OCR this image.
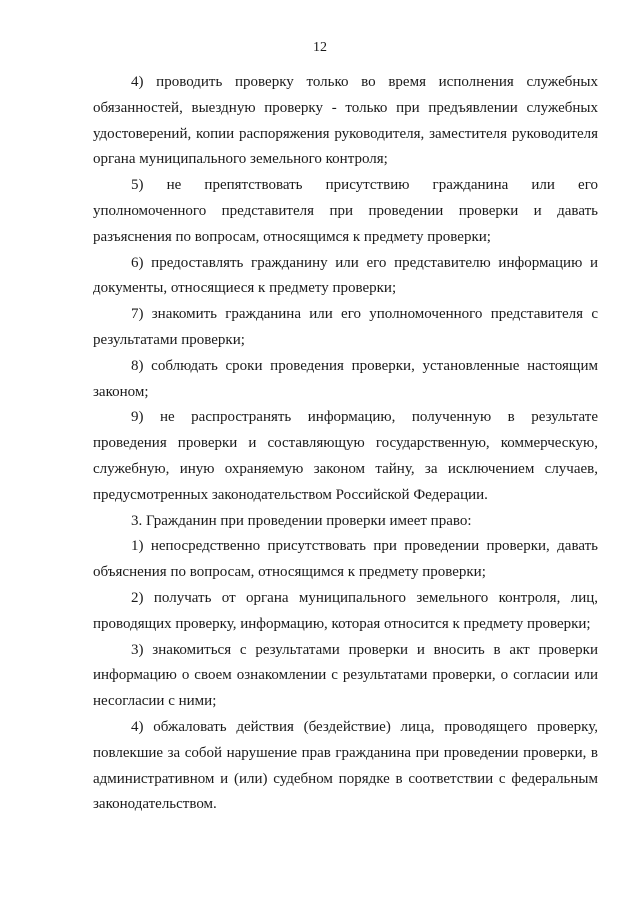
12

4) проводить проверку только во время исполнения служебных обязанностей, выездную проверку - только при предъявлении служебных удостоверений, копии распоряжения руководителя, заместителя руководителя органа муниципального земельного контроля;

5) не препятствовать присутствию гражданина или его уполномоченного представителя при проведении проверки и давать разъяснения по вопросам, относящимся к предмету проверки;

6) предоставлять гражданину или его представителю информацию и документы, относящиеся к предмету проверки;

7) знакомить гражданина или его уполномоченного представителя с результатами проверки;

8) соблюдать сроки проведения проверки, установленные настоящим законом;

9) не распространять информацию, полученную в результате проведения проверки и составляющую государственную, коммерческую, служебную, иную охраняемую законом тайну, за исключением случаев, предусмотренных законодательством Российской Федерации.

3. Гражданин при проведении проверки имеет право:

1) непосредственно присутствовать при проведении проверки, давать объяснения по вопросам, относящимся к предмету проверки;

2) получать от органа муниципального земельного контроля, лиц, проводящих проверку, информацию, которая относится к предмету проверки;

3) знакомиться с результатами проверки и вносить в акт проверки информацию о своем ознакомлении с результатами проверки, о согласии или несогласии с ними;

4) обжаловать действия (бездействие) лица, проводящего проверку, повлекшие за собой нарушение прав гражданина при проведении проверки, в административном и (или) судебном порядке в соответствии с федеральным законодательством.
